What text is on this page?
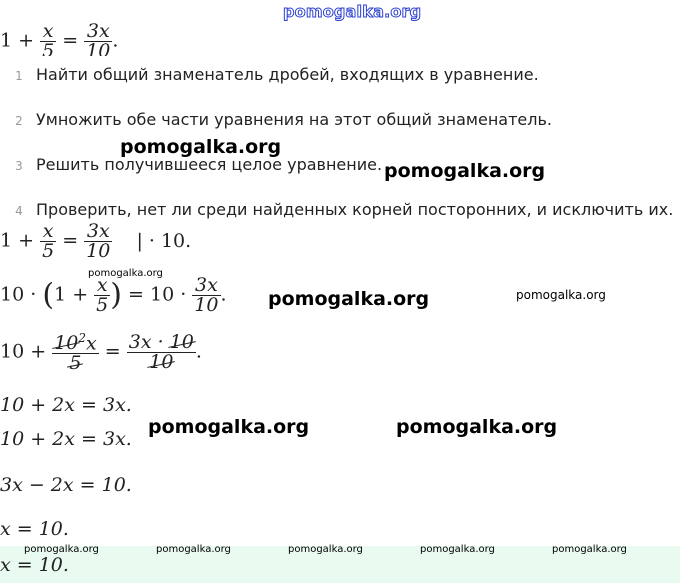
pomogalka.org
$1 + \frac{x}{5} = \frac{3x}{10}$ .
1 Найти общий знаменатель дробей, входящих в уравнение.
2 Умножить обе части уравнения на этот общий знаменатель.
3 Решить получившееся целое уравнение.
4 Проверить, нет ли среди найденных корней посторонних, и исключить их.
pomogalka.org
pomogalka.org
$1 + \frac{x}{5} = \frac{3x}{10}$ | · 10.
pomogalka.org
$10 \cdot (1 + \frac{x}{5}$ ) = $10 \cdot \frac{3x}{10}$ . pomogalka.org	pomogalka.org
$10 + \frac{10^2x}{5} = \frac{3x \cdot 10}{10}$ .
10 + 2x = 3x.
10 + 2x = 3x.
pomogalka.org	pomogalka.org
3x − 2x = 10.
x = 10.
pomogalka.org	pomogalka.org	pomogalka.org	pomogalka.org	pomogalka.org
x = 10.
